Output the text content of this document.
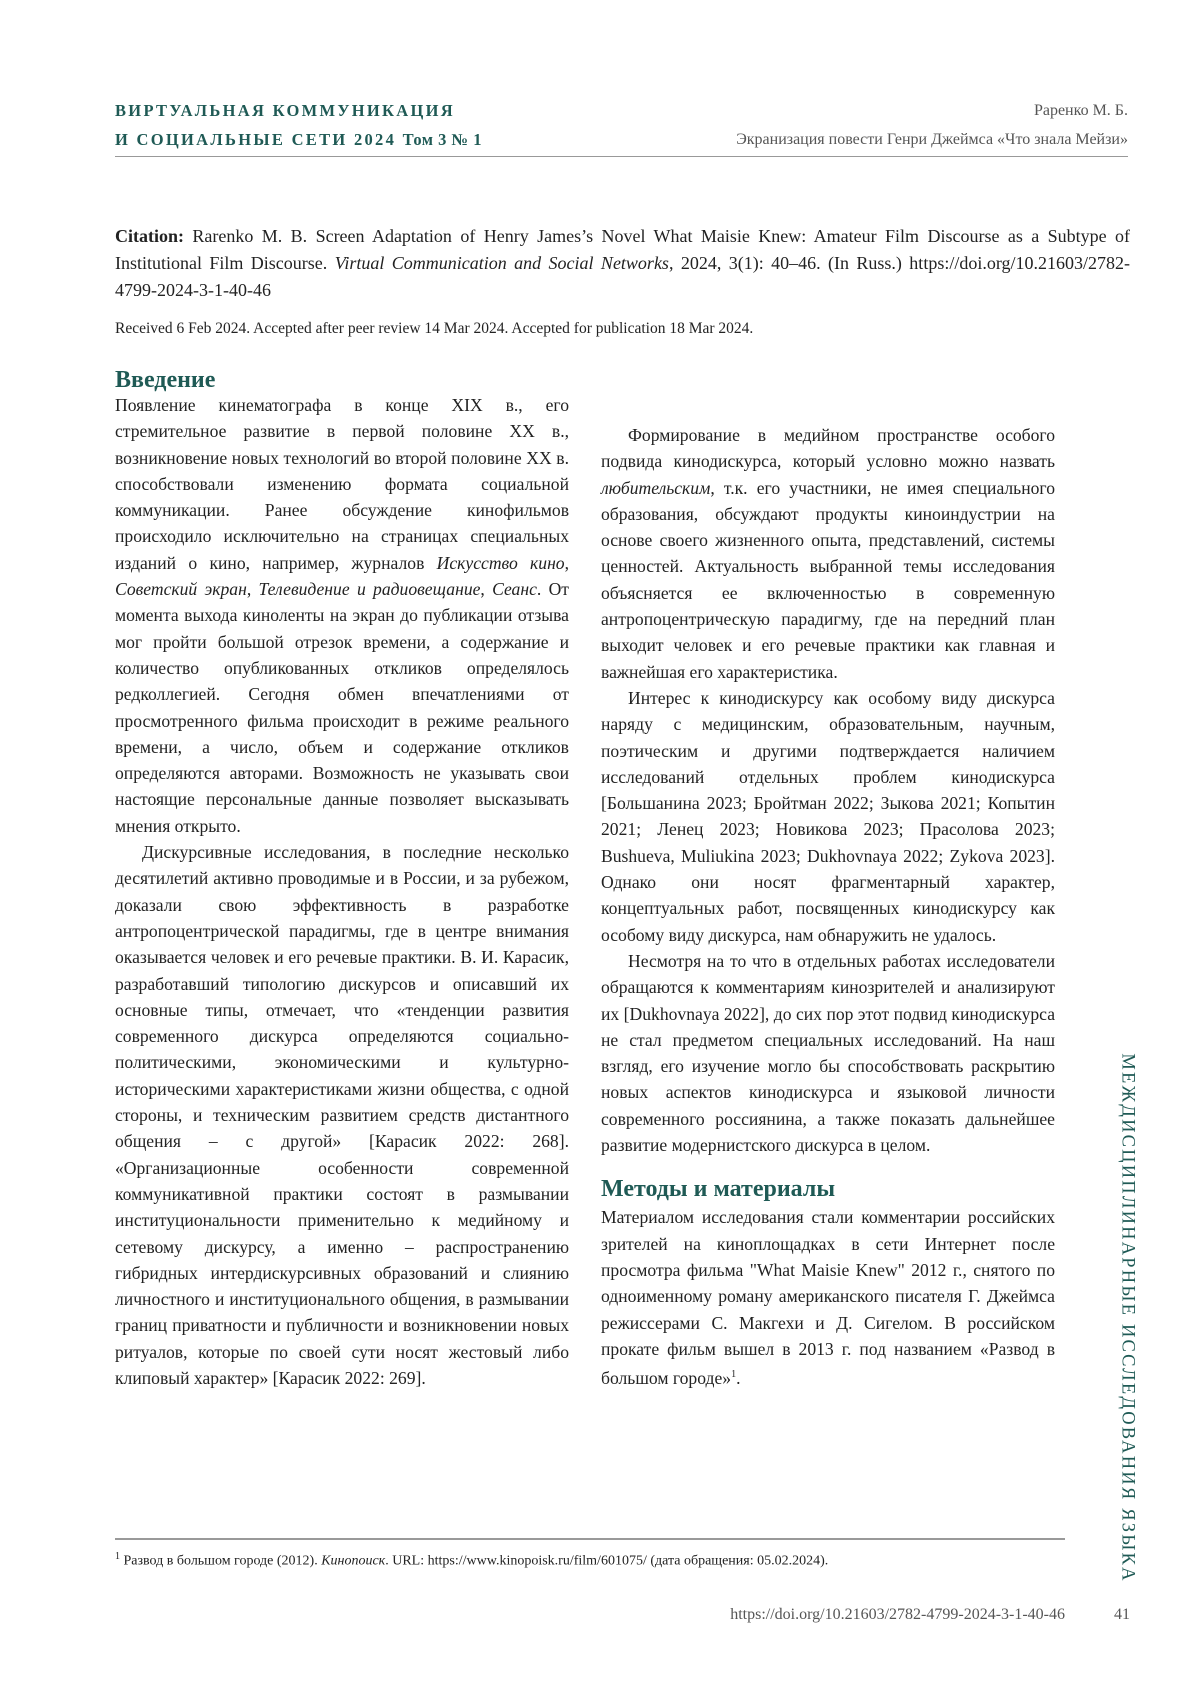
ВИРТУАЛЬНАЯ КОММУНИКАЦИЯ
И СОЦИАЛЬНЫЕ СЕТИ 2024 Том 3 № 1
Раренко М. Б.
Экранизация повести Генри Джеймса «Что знала Мейзи»
Citation: Rarenko M. B. Screen Adaptation of Henry James’s Novel What Maisie Knew: Amateur Film Discourse as a Subtype of Institutional Film Discourse. Virtual Communication and Social Networks, 2024, 3(1): 40–46. (In Russ.) https://doi.org/10.21603/2782-4799-2024-3-1-40-46
Received 6 Feb 2024. Accepted after peer review 14 Mar 2024. Accepted for publication 18 Mar 2024.
Введение

Появление кинематографа в конце XIX в., его стремительное развитие в первой половине XX в., возникновение новых технологий во второй половине XX в. способствовали изменению формата социальной коммуникации. Ранее обсуждение кинофильмов происходило исключительно на страницах специальных изданий о кино, например, журналов Искусство кино, Советский экран, Телевидение и радиовещание, Сеанс. От момента выхода киноленты на экран до публикации отзыва мог пройти большой отрезок времени, а содержание и количество опубликованных откликов определялось редколлегией. Сегодня обмен впечатлениями от просмотренного фильма происходит в режиме реального времени, а число, объем и содержание откликов определяются авторами. Возможность не указывать свои настоящие персональные данные позволяет высказывать мнения открыто.

Дискурсивные исследования, в последние несколько десятилетий активно проводимые и в России, и за рубежом, доказали свою эффективность в разработке антропоцентрической парадигмы, где в центре внимания оказывается человек и его речевые практики. В. И. Карасик, разработавший типологию дискурсов и описавший их основные типы, отмечает, что «тенденции развития современного дискурса определяются социально-политическими, экономическими и культурно-историческими характеристиками жизни общества, с одной стороны, и техническим развитием средств дистантного общения – с другой» [Карасик 2022: 268]. «Организационные особенности современной коммуникативной практики состоят в размывании институциональности применительно к медийному и сетевому дискурсу, а именно – распространению гибридных интердискурсивных образований и слиянию личностного и институционального общения, в размывании границ приватности и публичности и возникновении новых ритуалов, которые по своей сути носят жестовый либо клиповый характер» [Карасик 2022: 269].

Формирование в медийном пространстве особого подвида кинодискурса, который условно можно назвать любительским, т.к. его участники, не имея специального образования, обсуждают продукты киноиндустрии на основе своего жизненного опыта, представлений, системы ценностей. Актуальность выбранной темы исследования объясняется ее включенностью в современную антропоцентрическую парадигму, где на передний план выходит человек и его речевые практики как главная и важнейшая его характеристика.

Интерес к кинодискурсу как особому виду дискурса наряду с медицинским, образовательным, научным, поэтическим и другими подтверждается наличием исследований отдельных проблем кинодискурса [Большанина 2023; Бройтман 2022; Зыкова 2021; Копытин 2021; Ленец 2023; Новикова 2023; Прасолова 2023; Bushueva, Muliukina 2023; Dukhovnaya 2022; Zykova 2023]. Однако они носят фрагментарный характер, концептуальных работ, посвященных кинодискурсу как особому виду дискурса, нам обнаружить не удалось.

Несмотря на то что в отдельных работах исследователи обращаются к комментариям кинозрителей и анализируют их [Dukhovnaya 2022], до сих пор этот подвид кинодискурса не стал предметом специальных исследований. На наш взгляд, его изучение могло бы способствовать раскрытию новых аспектов кинодискурса и языковой личности современного россиянина, а также показать дальнейшее развитие модернистского дискурса в целом.

Методы и материалы

Материалом исследования стали комментарии российских зрителей на киноплощадках в сети Интернет после просмотра фильма "What Maisie Knew" 2012 г., снятого по одноименному роману американского писателя Г. Джеймса режиссерами С. Макгехи и Д. Сигелом. В российском прокате фильм вышел в 2013 г. под названием «Развод в большом городе»$^1$.

$^1$ Развод в большом городе (2012). Кинопоиск. URL: https://www.kinopoisk.ru/film/601075/ (дата обращения: 05.02.2024).	МЕЖДИСЦИПЛИНАРНЫЕ ИССЛЕДОВАНИЯ ЯЗЫКА
https://doi.org/10.21603/2782-4799-2024-3-1-40-46	41
